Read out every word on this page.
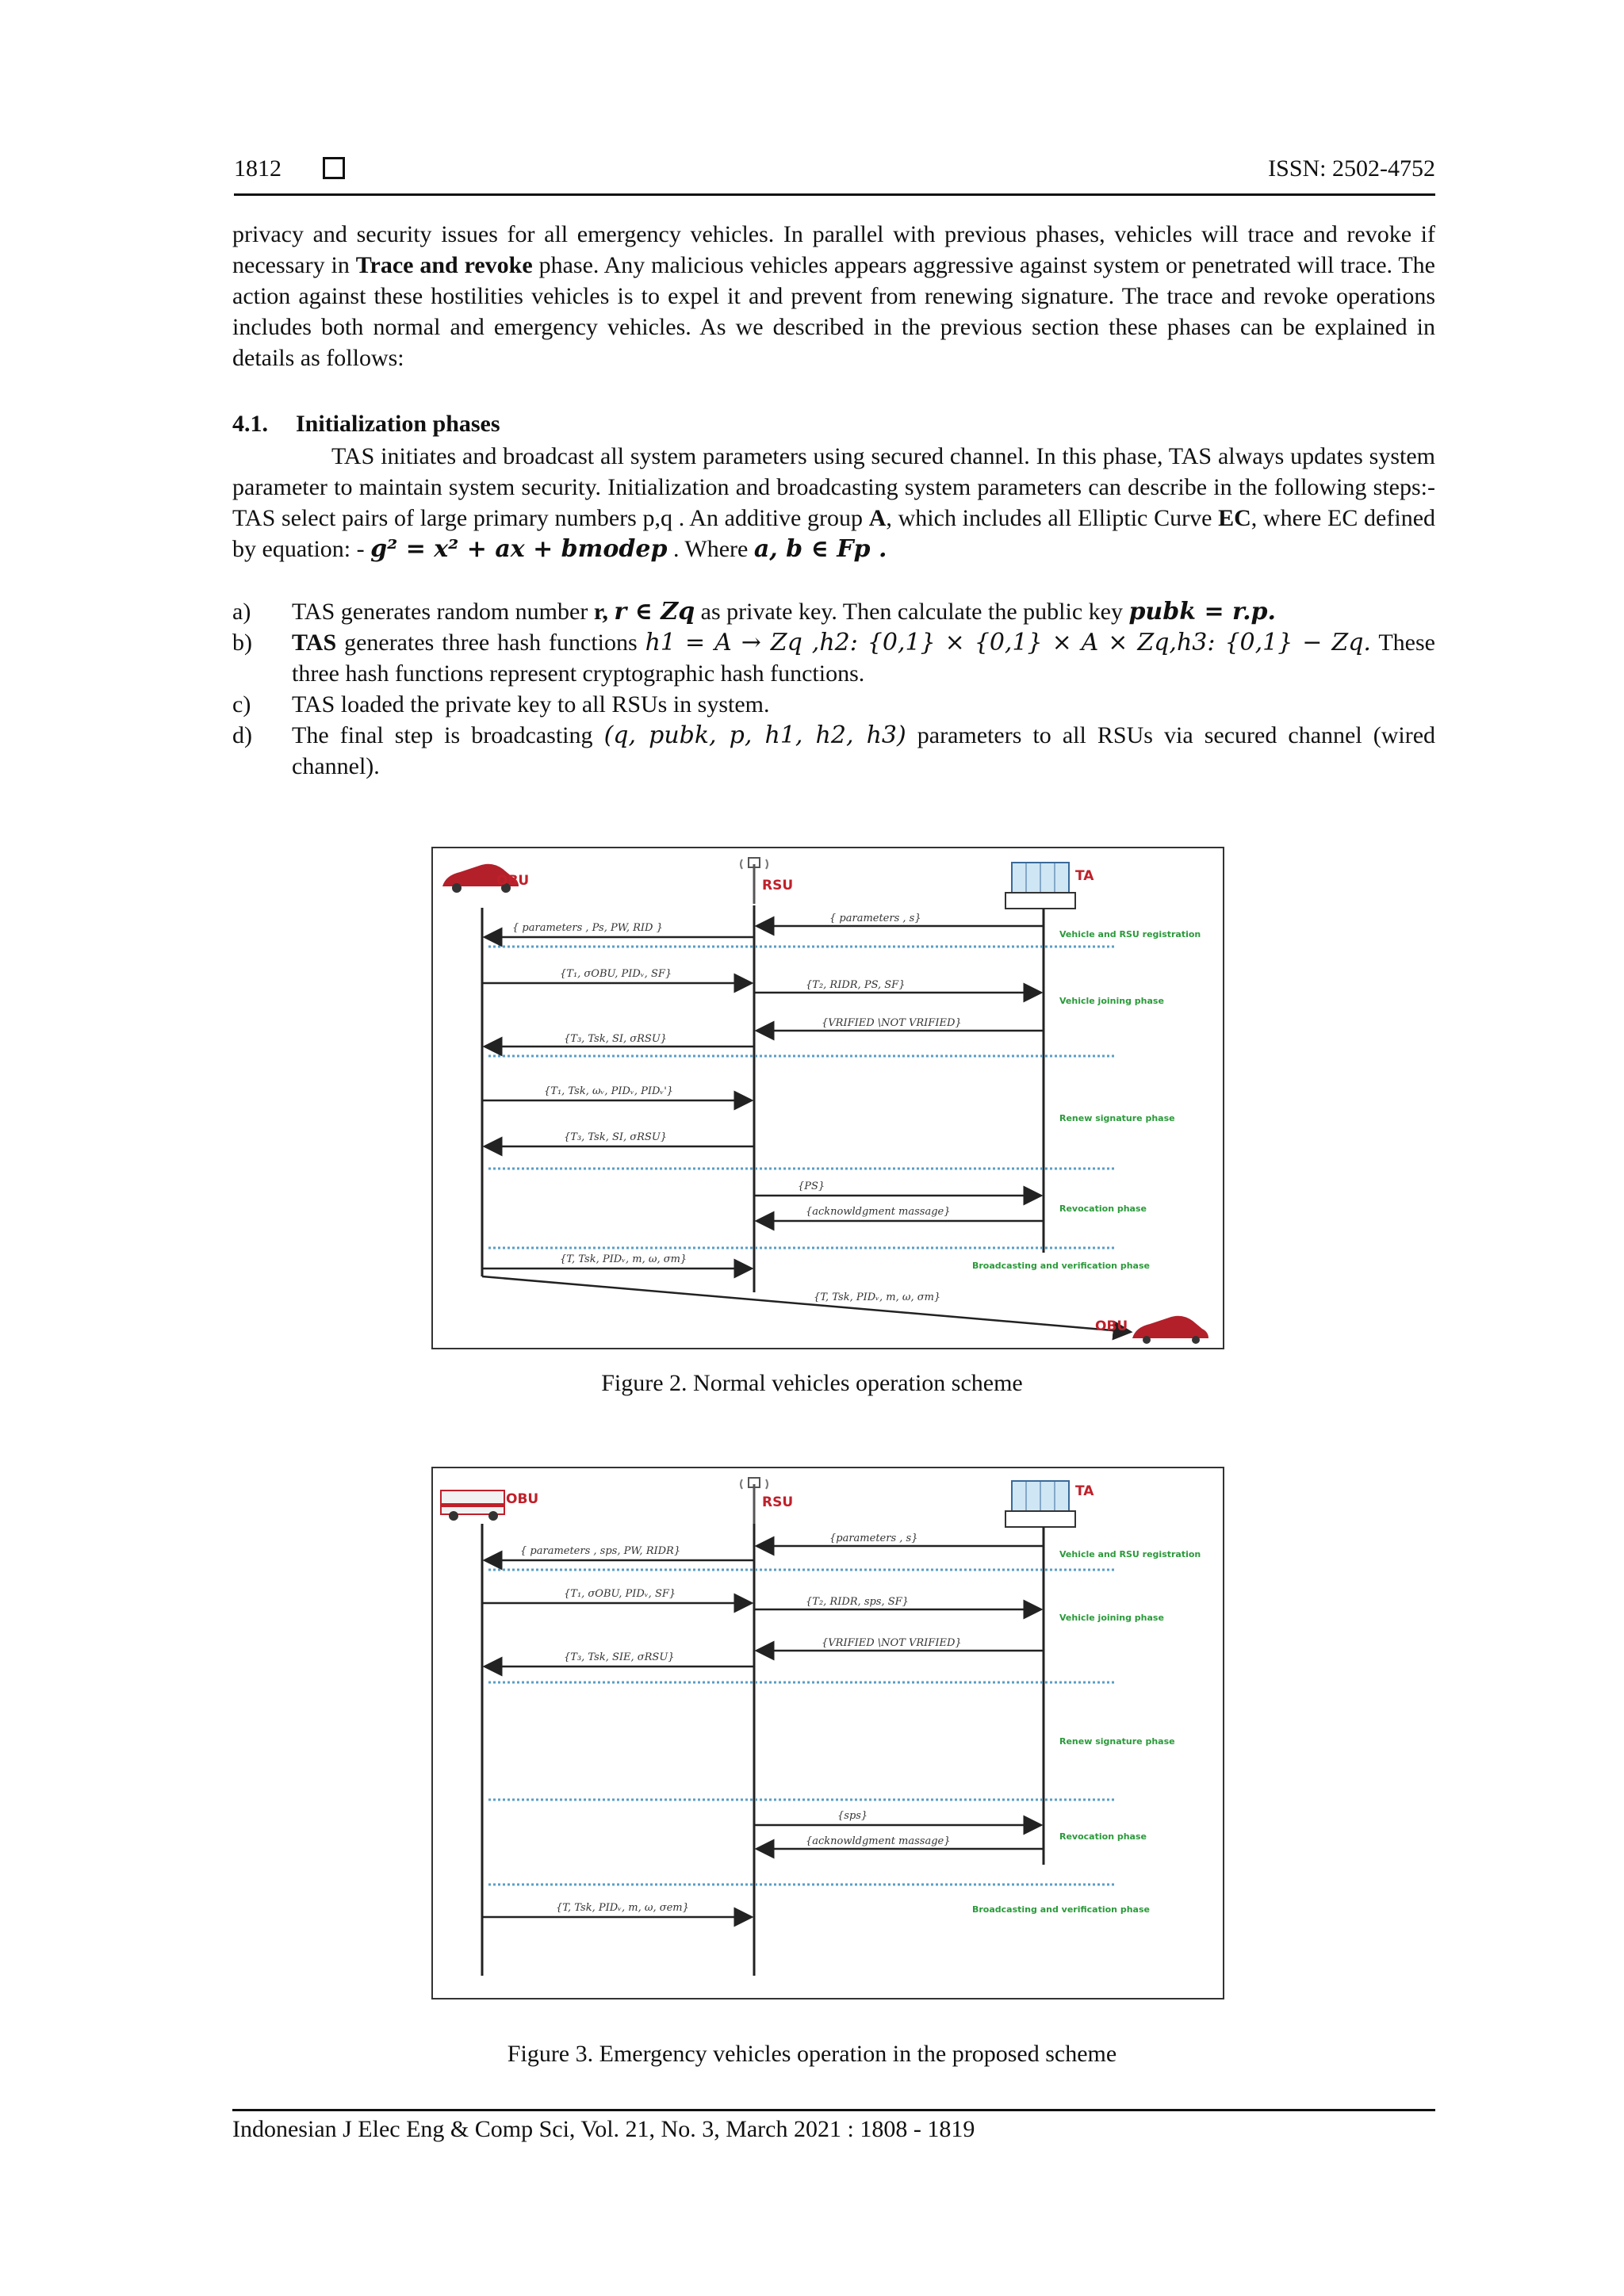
1812	ISSN: 2502-4752

privacy and security issues for all emergency vehicles. In parallel with previous phases, vehicles will trace and revoke if necessary in Trace and revoke phase. Any malicious vehicles appears aggressive against system or penetrated will trace. The action against these hostilities vehicles is to expel it and prevent from renewing signature. The trace and revoke operations includes both normal and emergency vehicles. As we described in the previous section these phases can be explained in details as follows:

4.1. Initialization phases

TAS initiates and broadcast all system parameters using secured channel. In this phase, TAS always updates system parameter to maintain system security. Initialization and broadcasting system parameters can describe in the following steps:-TAS select pairs of large primary numbers p,q . An additive group A, which includes all Elliptic Curve EC, where EC defined by equation: - g² = x² + ax + bmodep . Where a, b ∈ Fp .

a) TAS generates random number r, r ∈ Zq as private key. Then calculate the public key pubk = r.p.
b) TAS generates three hash functions h1 = A → Zq ,h2: {0,1} × {0,1} × A × Zq,h3: {0,1} − Zq. These three hash functions represent cryptographic hash functions.
c) TAS loaded the private key to all RSUs in system.
d) The final step is broadcasting (q, pubk, p, h1, h2, h3) parameters to all RSUs via secured channel (wired channel).
OBU	RSU
TA
{ parameters , Ps, PW, RID }
{ parameters , s}
{T₁, σOBU, PIDᵥ, SF}
{T₂, RIDR, PS, SF}
{VRIFIED \NOT VRIFIED}
{T₃, Tsk, SI, σRSU}
{T₁, Tsk, ωᵥ, PIDᵥ, PIDᵥ'}
{T₃, Tsk, SI, σRSU}
{PS}
{acknowldgment massage}
{T, Tsk, PIDᵥ, m, ω, σm}
{T, Tsk, PIDᵥ, m, ω, σm}
Vehicle and RSU registration
Vehicle joining phase
Renew signature phase
Revocation phase
Broadcasting and verification phase
OBU
Figure 2. Normal vehicles operation scheme
OBU	RSU
TA
{ parameters , sps, PW, RIDR}
{parameters , s}
{T₁, σOBU, PIDᵥ, SF}
{T₂, RIDR, sps, SF}
{VRIFIED \NOT VRIFIED}
{T₃, Tsk, SIE, σRSU}
{sps}
{acknowldgment massage}
{T, Tsk, PIDᵥ, m, ω, σem}
Vehicle and RSU registration
Vehicle joining phase
Renew signature phase
Revocation phase
Broadcasting and verification phase
Figure 3. Emergency vehicles operation in the proposed scheme
Indonesian J Elec Eng & Comp Sci, Vol. 21, No. 3, March 2021 : 1808 - 1819
